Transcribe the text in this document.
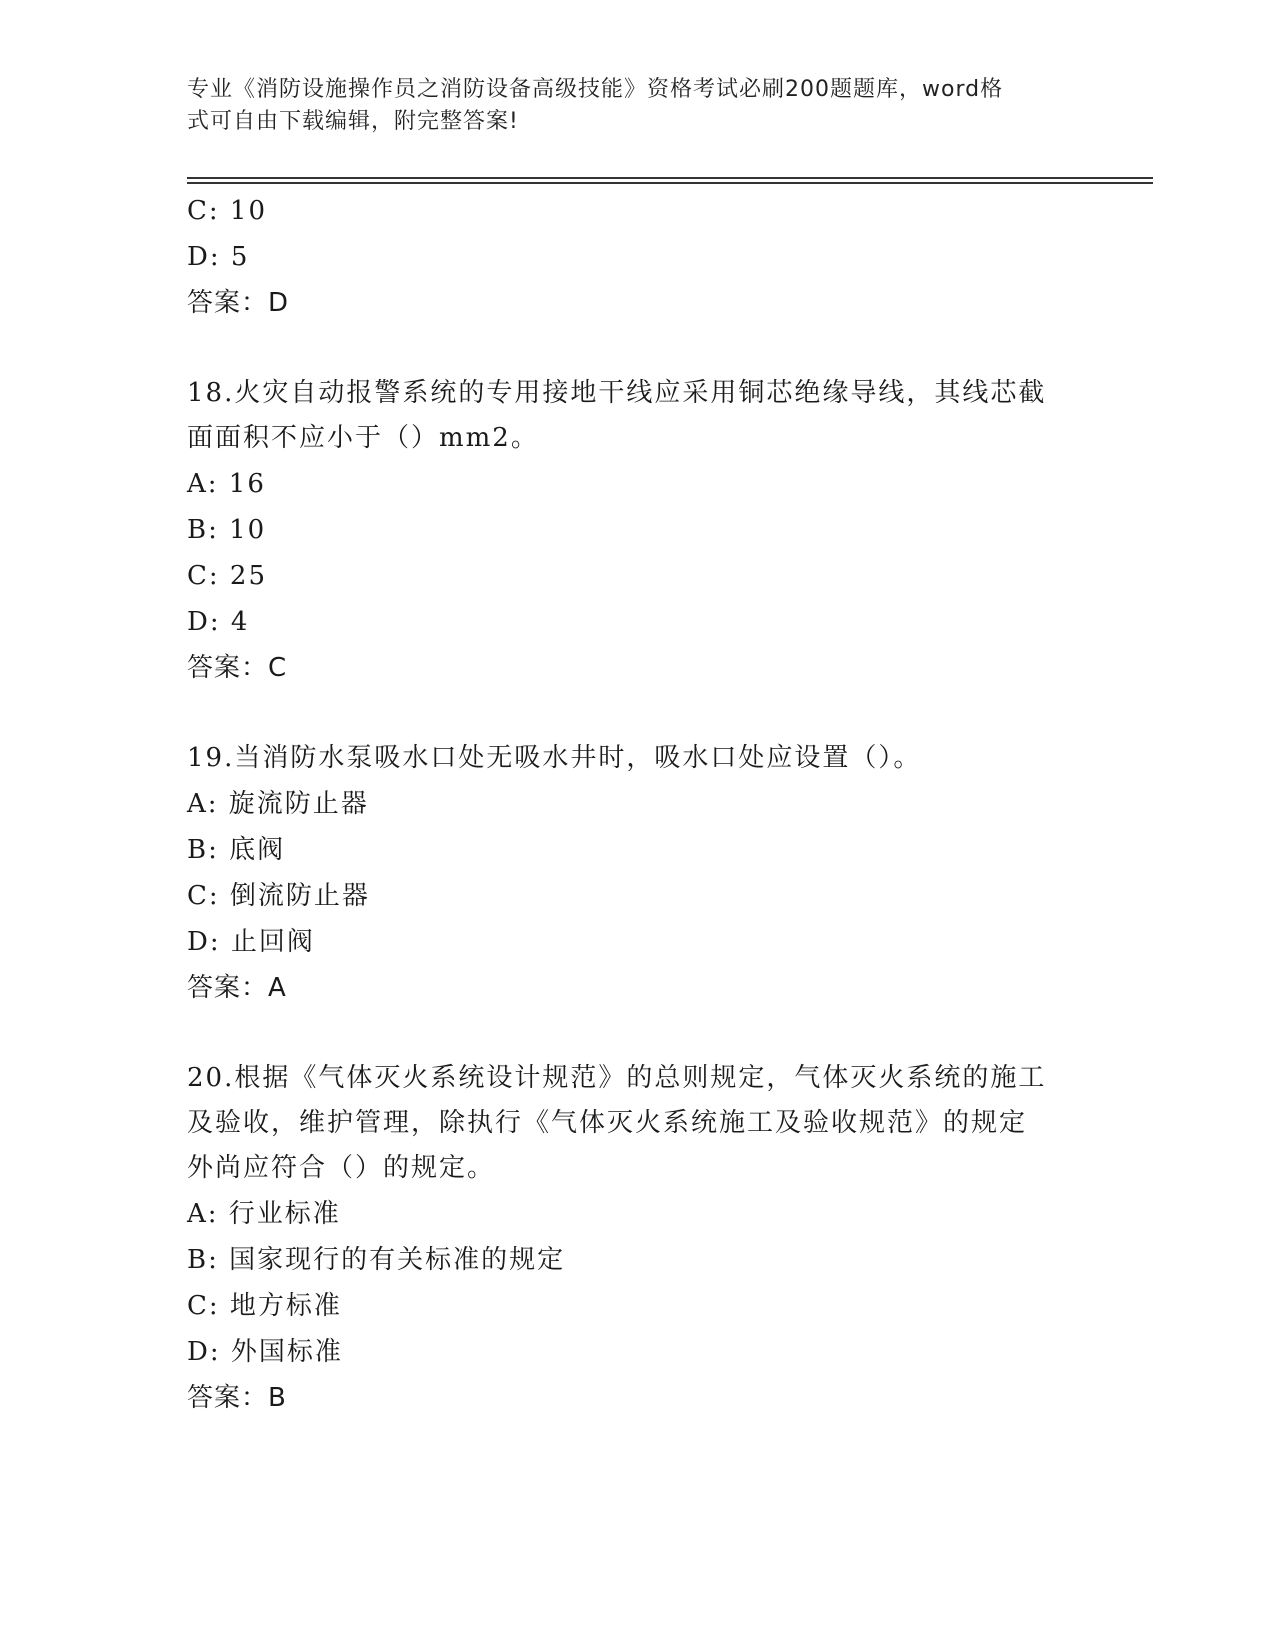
专业《消防设施操作员之消防设备高级技能》资格考试必刷200题题库，word格
式可自由下载编辑，附完整答案!
C: 10
D: 5
答案：D
18.火灾自动报警系统的专用接地干线应采用铜芯绝缘导线，其线芯截
面面积不应小于（）mm2。
A: 16
B: 10
C: 25
D: 4
答案：C
19.当消防水泵吸水口处无吸水井时，吸水口处应设置（）。
A: 旋流防止器
B: 底阀
C: 倒流防止器
D: 止回阀
答案：A
20.根据《气体灭火系统设计规范》的总则规定，气体灭火系统的施工
及验收，维护管理，除执行《气体灭火系统施工及验收规范》的规定
外尚应符合（）的规定。
A: 行业标准
B: 国家现行的有关标准的规定
C: 地方标准
D: 外国标准
答案：B
